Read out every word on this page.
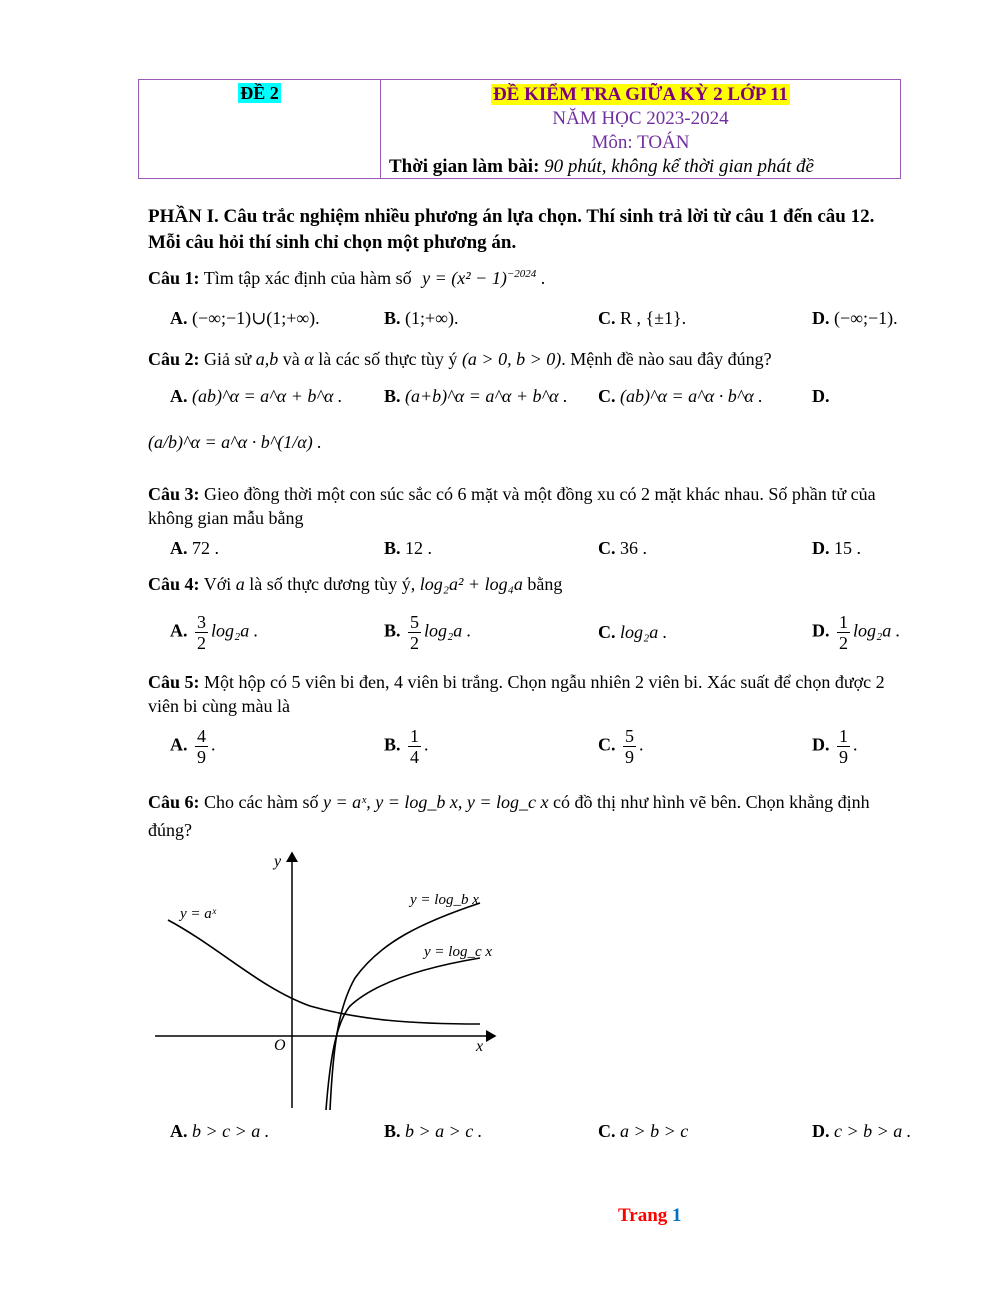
ĐỀ 2	ĐỀ KIỂM TRA GIỮA KỲ 2 LỚP 11
NĂM HỌC 2023-2024
Môn: TOÁN
Thời gian làm bài: 90 phút, không kể thời gian phát đề
PHẦN I. Câu trắc nghiệm nhiều phương án lựa chọn. Thí sinh trả lời từ câu 1 đến câu 12. Mỗi câu hỏi thí sinh chỉ chọn một phương án.
Câu 1: Tìm tập xác định của hàm số $y = (x^2 - 1)^{-2024}$ .
A. (−∞;−1)∪(1;+∞).	B. (1;+∞).	C. R , {±1}.	D. (−∞;−1).
Câu 2: Giả sử a,b và α là các số thực tùy ý (a > 0, b > 0). Mệnh đề nào sau đây đúng?
A. (ab)^α = a^α + b^α . B. (a+b)^α = a^α + b^α . C. (ab)^α = a^α · b^α .	D.
(a/b)^α = a^α · b^(1/α) .
Câu 3: Gieo đồng thời một con súc sắc có 6 mặt và một đồng xu có 2 mặt khác nhau. Số phần tử của không gian mẫu bằng
A. 72 .	B. 12 .	C. 36 .	D. 15 .
Câu 4: Với a là số thực dương tùy ý, log₂a² + log₄a bằng
A. $\frac{3}{2} \log_2a$ .	B. $\frac{5}{2} \log_2a$ .	C. log₂a .	D. $\frac{1}{2} \log_2a$ .
Câu 5: Một hộp có 5 viên bi đen, 4 viên bi trắng. Chọn ngẫu nhiên 2 viên bi. Xác suất để chọn được 2 viên bi cùng màu là
A. $\frac{4}{9}$ .	B. $\frac{1}{4}$ .	C. $\frac{5}{9}$ .	D. $\frac{1}{9}$ .
Câu 6: Cho các hàm số y = aˣ, y = log_b x, y = log_c x có đồ thị như hình vẽ bên. Chọn khẳng định đúng?
y
x
O
y = aˣ
y = log_b x
y = log_c x
A. b > c > a .	B. b > a > c .	C. a > b > c	D. c > b > a .
Trang 1
